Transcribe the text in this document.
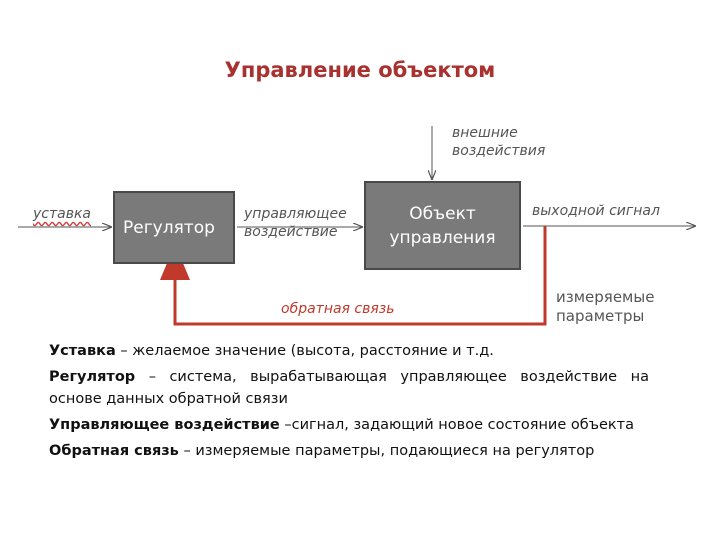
Управление объектом
Регулятор
Объект
управления
уставка	управляющее
воздействие
внешние
воздействия
выходной сигнал
обратная связь
измеряемые
параметры

Уставка – желаемое значение (высота, расстояние и т.д.

Регулятор – система, вырабатывающая управляющее воздействие на основе данных обратной связи

Управляющее воздействие –сигнал, задающий новое состояние объекта

Обратная связь – измеряемые параметры, подающиеся на регулятор
